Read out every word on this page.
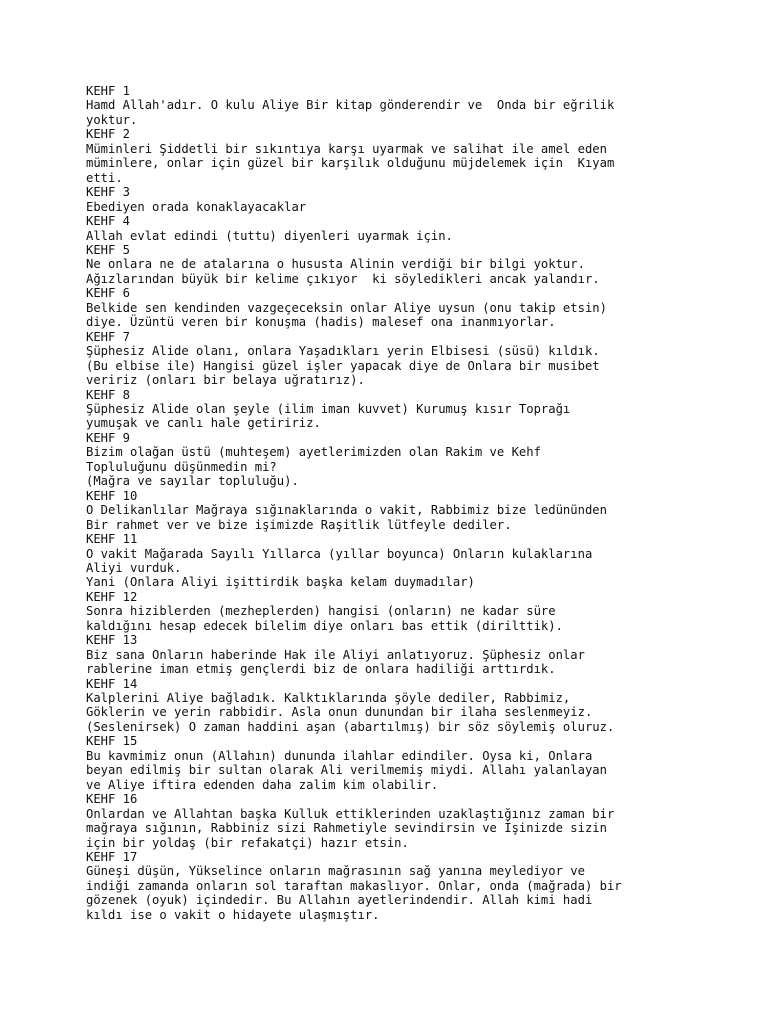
KEHF 1
Hamd Allah'adır. O kulu Aliye Bir kitap gönderendir ve  Onda bir eğrilik
yoktur.
KEHF 2
Müminleri Şiddetli bir sıkıntıya karşı uyarmak ve salihat ile amel eden
müminlere, onlar için güzel bir karşılık olduğunu müjdelemek için  Kıyam
etti.
KEHF 3
Ebediyen orada konaklayacaklar
KEHF 4
Allah evlat edindi (tuttu) diyenleri uyarmak için.
KEHF 5
Ne onlara ne de atalarına o hususta Alinin verdiği bir bilgi yoktur.
Ağızlarından büyük bir kelime çıkıyor  ki söyledikleri ancak yalandır.
KEHF 6
Belkide sen kendinden vazgeçeceksin onlar Aliye uysun (onu takip etsin)
diye. Üzüntü veren bir konuşma (hadis) malesef ona inanmıyorlar.
KEHF 7
Şüphesiz Alide olanı, onlara Yaşadıkları yerin Elbisesi (süsü) kıldık.
(Bu elbise ile) Hangisi güzel işler yapacak diye de Onlara bir musibet
veririz (onları bir belaya uğratırız).
KEHF 8
Şüphesiz Alide olan şeyle (ilim iman kuvvet) Kurumuş kısır Toprağı
yumuşak ve canlı hale getiririz.
KEHF 9
Bizim olağan üstü (muhteşem) ayetlerimizden olan Rakim ve Kehf
Topluluğunu düşünmedin mi?
(Mağra ve sayılar topluluğu).
KEHF 10
O Delikanlılar Mağraya sığınaklarında o vakit, Rabbimiz bize ledününden
Bir rahmet ver ve bize işimizde Raşitlik lütfeyle dediler.
KEHF 11
O vakit Mağarada Sayılı Yıllarca (yıllar boyunca) Onların kulaklarına
Aliyi vurduk.
Yani (Onlara Aliyi işittirdik başka kelam duymadılar)
KEHF 12
Sonra hiziblerden (mezheplerden) hangisi (onların) ne kadar süre
kaldığını hesap edecek bilelim diye onları bas ettik (dirilttik).
KEHF 13
Biz sana Onların haberinde Hak ile Aliyi anlatıyoruz. Şüphesiz onlar
rablerine iman etmiş gençlerdi biz de onlara hadiliği arttırdık.
KEHF 14
Kalplerini Aliye bağladık. Kalktıklarında şöyle dediler, Rabbimiz,
Göklerin ve yerin rabbidir. Asla onun dunundan bir ilaha seslenmeyiz.
(Seslenirsek) O zaman haddini aşan (abartılmış) bir söz söylemiş oluruz.
KEHF 15
Bu kavmimiz onun (Allahın) dununda ilahlar edindiler. Oysa ki, Onlara
beyan edilmiş bir sultan olarak Ali verilmemiş miydi. Allahı yalanlayan
ve Aliye iftira edenden daha zalim kim olabilir.
KEHF 16
Onlardan ve Allahtan başka Kulluk ettiklerinden uzaklaştığınız zaman bir
mağraya sığının, Rabbiniz sizi Rahmetiyle sevindirsin ve İşinizde sizin
için bir yoldaş (bir refakatçi) hazır etsin.
KEHF 17
Güneşi düşün, Yükselince onların mağrasının sağ yanına meylediyor ve
indiği zamanda onların sol taraftan makaslıyor. Onlar, onda (mağrada) bir
gözenek (oyuk) içindedir. Bu Allahın ayetlerindendir. Allah kimi hadi
kıldı ise o vakit o hidayete ulaşmıştır.
